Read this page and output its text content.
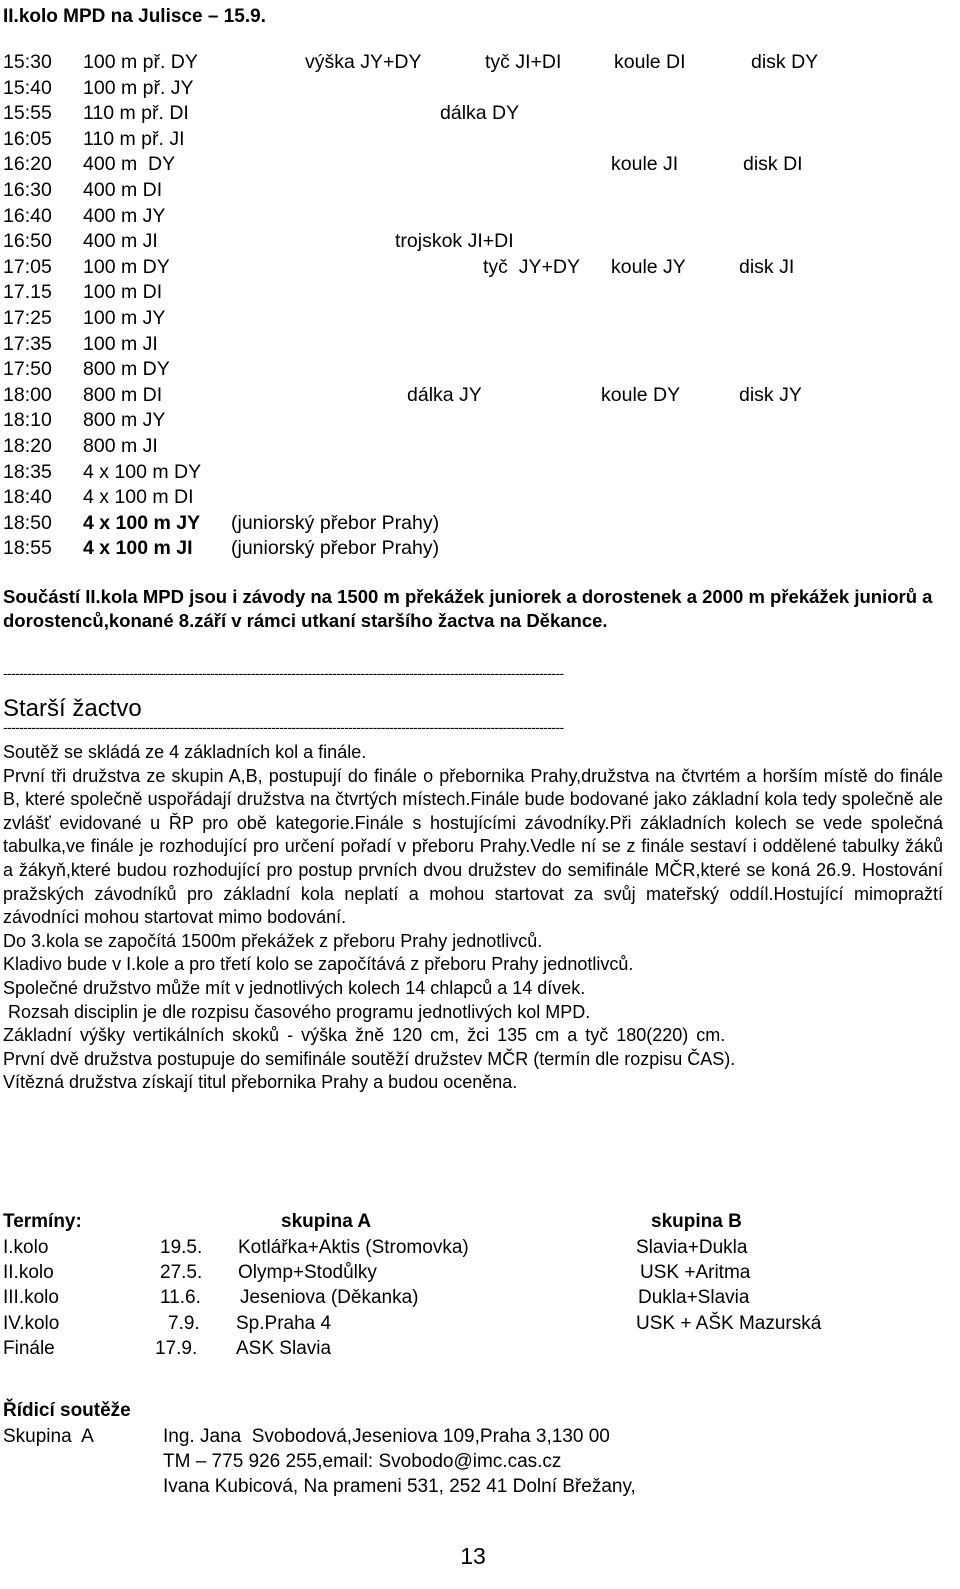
II.kolo MPD na Julisce – 15.9.
15:30 100 m př. DY	výška JY+DY	tyč JI+DI	koule DI	disk DY
15:40 100 m př. JY
15:55 110 m př. DI	dálka DY
16:05 110 m př. JI
16:20 400 m  DY	koule JI	disk DI
16:30 400 m DI
16:40 400 m JY
16:50 400 m JI	trojskok JI+DI
17:05 100 m DY	tyč  JY+DY koule JY	disk JI
17.15 100 m DI
17:25 100 m JY
17:35 100 m JI
17:50 800 m DY
18:00 800 m DI	dálka JY	koule DY	disk JY
18:10 800 m JY
18:20 800 m JI
18:35 4 x 100 m DY
18:40 4 x 100 m DI
18:50 4 x 100 m JY (juniorský přebor Prahy)
18:55 4 x 100 m JI (juniorský přebor Prahy)
Součástí II.kola MPD jsou i závody na 1500 m překážek juniorek a dorostenek a 2000 m překážek juniorů a dorostenců,konané 8.září v rámci utkaní staršího žactva na Děkance.
------------------------------------------------------------------------------------------------------------------------------------------
Starší žactvo
------------------------------------------------------------------------------------------------------------------------------------------

Soutěž se skládá ze 4 základních kol a finále.

První tři družstva ze skupin A,B, postupují do finále o přebornika Prahy,družstva na čtvrtém a horším místě do finále B, které společně uspořádají družstva na čtvrtých místech.Finále bude bodované jako základní kola tedy společně ale zvlášť evidované u ŘP pro obě kategorie.Finále s hostujícími závodníky.Při základních kolech se vede společná tabulka,ve finále je rozhodující pro určení pořadí v přeboru Prahy.Vedle ní se z finále sestaví i oddělené tabulky žáků a žákyň,které budou rozhodující pro postup prvních dvou družstev do semifinále MČR,které se koná 26.9. Hostování pražských závodníků pro základní kola neplatí a mohou startovat za svůj mateřský oddíl.Hostující mimopražtí závodníci mohou startovat mimo bodování.

Do 3.kola se započítá 1500m překážek z přeboru Prahy jednotlivců.

Kladivo bude v I.kole a pro třetí kolo se započítává z přeboru Prahy jednotlivců.

Společné družstvo může mít v jednotlivých kolech 14 chlapců a 14 dívek.

Rozsah disciplin je dle rozpisu časového programu jednotlivých kol MPD.

Základní výšky vertikálních skoků - výška žně 120 cm, žci 135 cm a tyč 180(220) cm.

První dvě družstva postupuje do semifinále soutěží družstev MČR (termín dle rozpisu ČAS).

Vítězná družstva získají titul přebornika Prahy a budou oceněna.

Termíny:	skupina A	skupina B
I.kolo	19.5. Kotlářka+Aktis (Stromovka)	Slavia+Dukla
II.kolo	27.5. Olymp+Stodůlky	USK +Aritma
III.kolo	11.6. Jeseniova (Děkanka)	Dukla+Slavia
IV.kolo	7.9. Sp.Praha 4	USK + AŠK Mazurská
Finále	17.9. ASK Slavia
Řídicí soutěže
Skupina  A	Ing. Jana  Svobodová,Jeseniova 109,Praha 3,130 00
TM – 775 926 255,email: Svobodo@imc.cas.cz
Ivana Kubicová, Na prameni 531, 252 41 Dolní Břežany,
13
